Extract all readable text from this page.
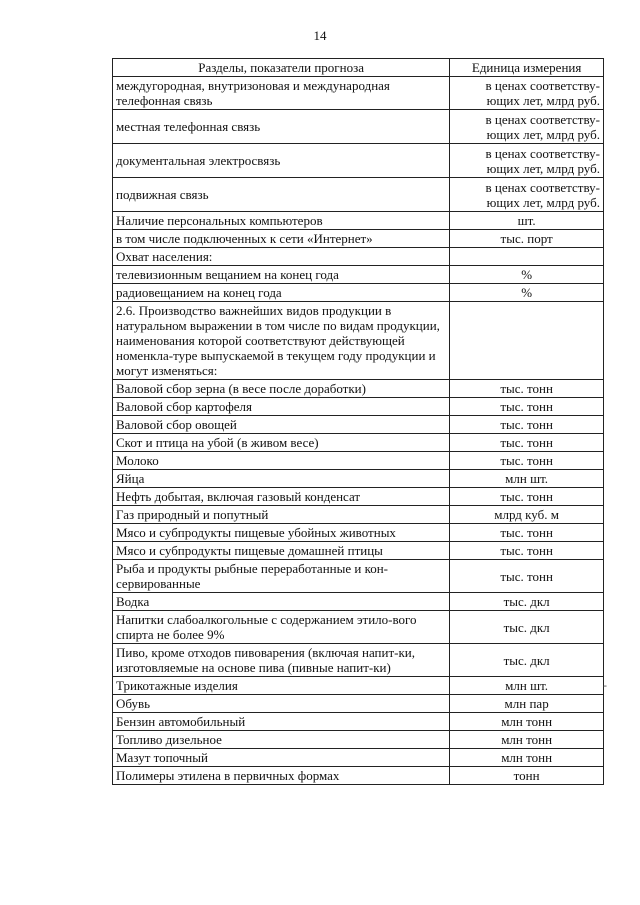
14
Разделы, показатели прогноза	Единица измерения
междугородная, внутризоновая и международная телефонная связь	в ценах соответству-ющих лет, млрд руб.
местная телефонная связь	в ценах соответству-ющих лет, млрд руб.
документальная электросвязь	в ценах соответству-ющих лет, млрд руб.
подвижная связь	в ценах соответству-ющих лет, млрд руб.
Наличие персональных компьютеров	шт.
в том числе подключенных к сети «Интернет»	тыс. порт
Охват населения:	
телевизионным вещанием на конец года	%
радиовещанием на конец года	%
2.6. Производство важнейших видов продукции в натуральном выражении в том числе по видам продукции, наименования которой соответствуют действующей номенкла-туре выпускаемой в текущем году продукции и могут изменяться:	
Валовой сбор зерна (в весе после доработки)	тыс. тонн
Валовой сбор картофеля	тыс. тонн
Валовой сбор овощей	тыс. тонн
Скот и птица на убой (в живом весе)	тыс. тонн
Молоко	тыс. тонн
Яйца	млн шт.
Нефть добытая, включая газовый конденсат	тыс. тонн
Газ природный и попутный	млрд куб. м
Мясо и субпродукты пищевые убойных животных	тыс. тонн
Мясо и субпродукты пищевые домашней птицы	тыс. тонн
Рыба и продукты рыбные переработанные и кон-сервированные	тыс. тонн
Водка	тыс. дкл
Напитки слабоалкогольные с содержанием этило-вого спирта не более 9%	тыс. дкл
Пиво, кроме отходов пивоварения (включая напит-ки, изготовляемые на основе пива (пивные напит-ки)	тыс. дкл
Трикотажные изделия	млн шт.
Обувь	млн пар
Бензин автомобильный	млн тонн
Топливо дизельное	млн тонн
Мазут топочный	млн тонн
Полимеры этилена в первичных формах	тонн
-
